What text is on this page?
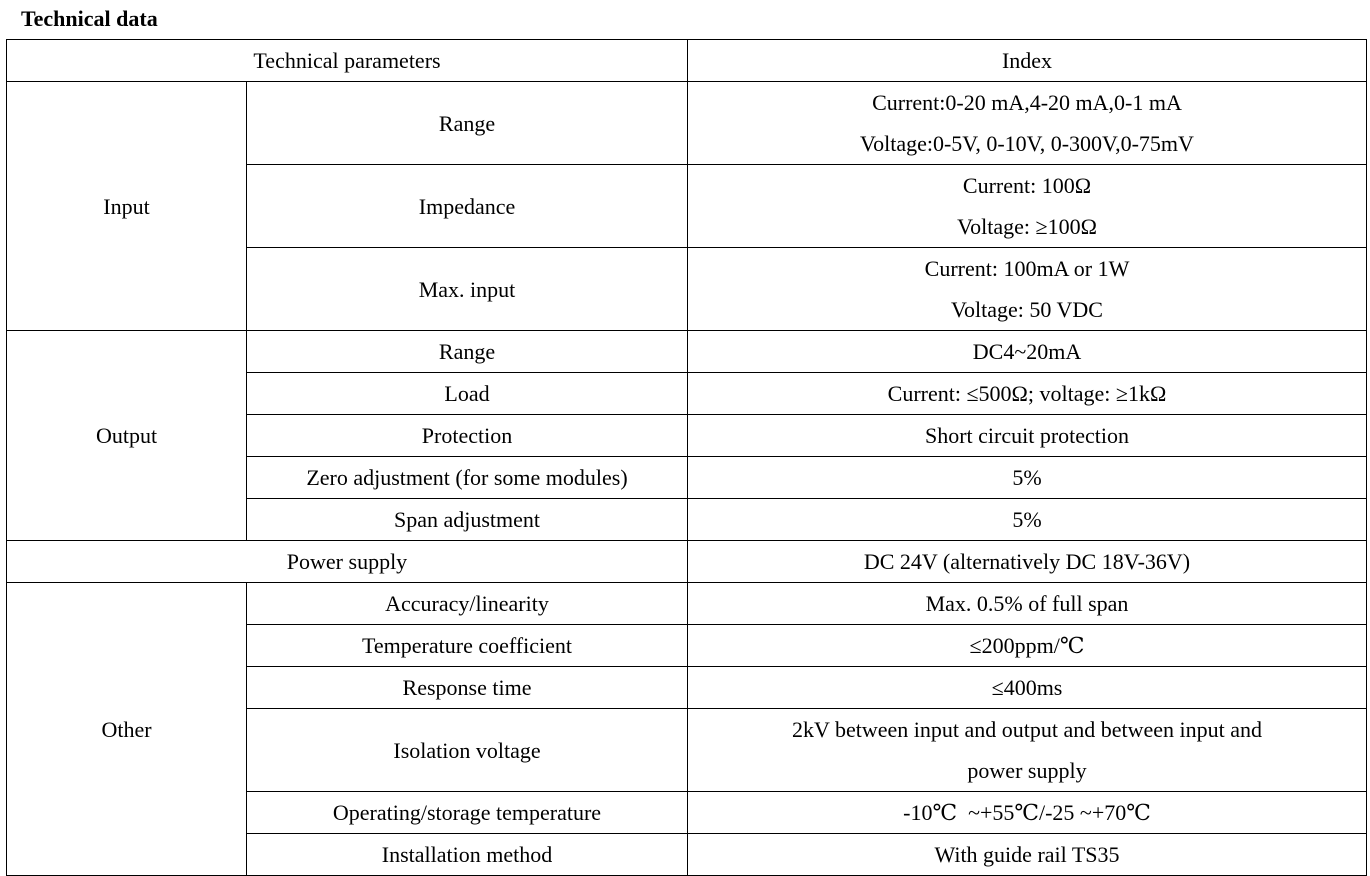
Technical data
Technical parameters		Index
Input	Range	Current:0-20 mA,4-20 mA,0-1 mA
Voltage:0-5V, 0-10V, 0-300V,0-75mV

	Impedance	Current: 100Ω
Voltage: ≥100Ω

	Max. input	Current: 100mA or 1W
Voltage: 50 VDC

Output	Range	DC4~20mA
	Load	Current: ≤500Ω; voltage: ≥1kΩ
	Protection	Short circuit protection
	Zero adjustment (for some modules)	5%
	Span adjustment	5%
Power supply		DC 24V (alternatively DC 18V-36V)
Other	Accuracy/linearity	Max. 0.5% of full span
	Temperature coefficient	≤200ppm/℃
	Response time	≤400ms
	Isolation voltage	2kV between input and output and between input and
power supply

	Operating/storage temperature	-10℃  ~+55℃/-25 ~+70℃
	Installation method	With guide rail TS35
